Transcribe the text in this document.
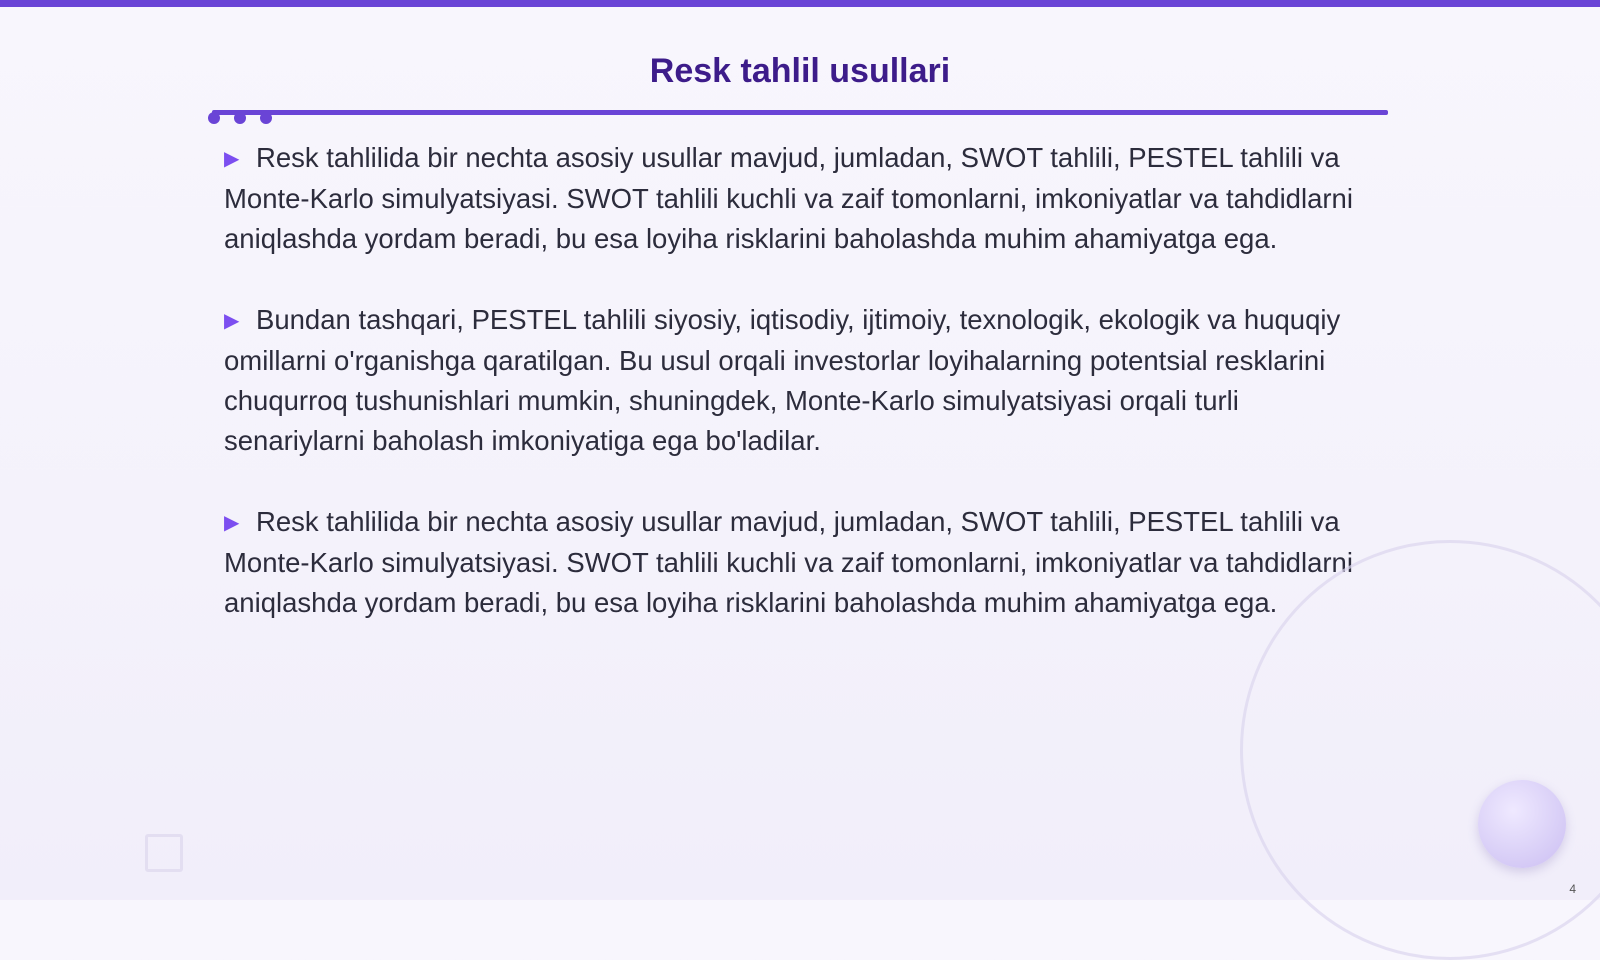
Resk tahlil usullari

▶ Resk tahlilida bir nechta asosiy usullar mavjud, jumladan, SWOT tahlili, PESTEL tahlili va Monte-Karlo simulyatsiyasi. SWOT tahlili kuchli va zaif tomonlarni, imkoniyatlar va tahdidlarni aniqlashda yordam beradi, bu esa loyiha risklarini baholashda muhim ahamiyatga ega.

▶ Bundan tashqari, PESTEL tahlili siyosiy, iqtisodiy, ijtimoiy, texnologik, ekologik va huquqiy omillarni o'rganishga qaratilgan. Bu usul orqali investorlar loyihalarning potentsial resklarini chuqurroq tushunishlari mumkin, shuningdek, Monte-Karlo simulyatsiyasi orqali turli senariylarni baholash imkoniyatiga ega bo'ladilar.

▶ Resk tahlilida bir nechta asosiy usullar mavjud, jumladan, SWOT tahlili, PESTEL tahlili va Monte-Karlo simulyatsiyasi. SWOT tahlili kuchli va zaif tomonlarni, imkoniyatlar va tahdidlarni aniqlashda yordam beradi, bu esa loyiha risklarini baholashda muhim ahamiyatga ega.

4
